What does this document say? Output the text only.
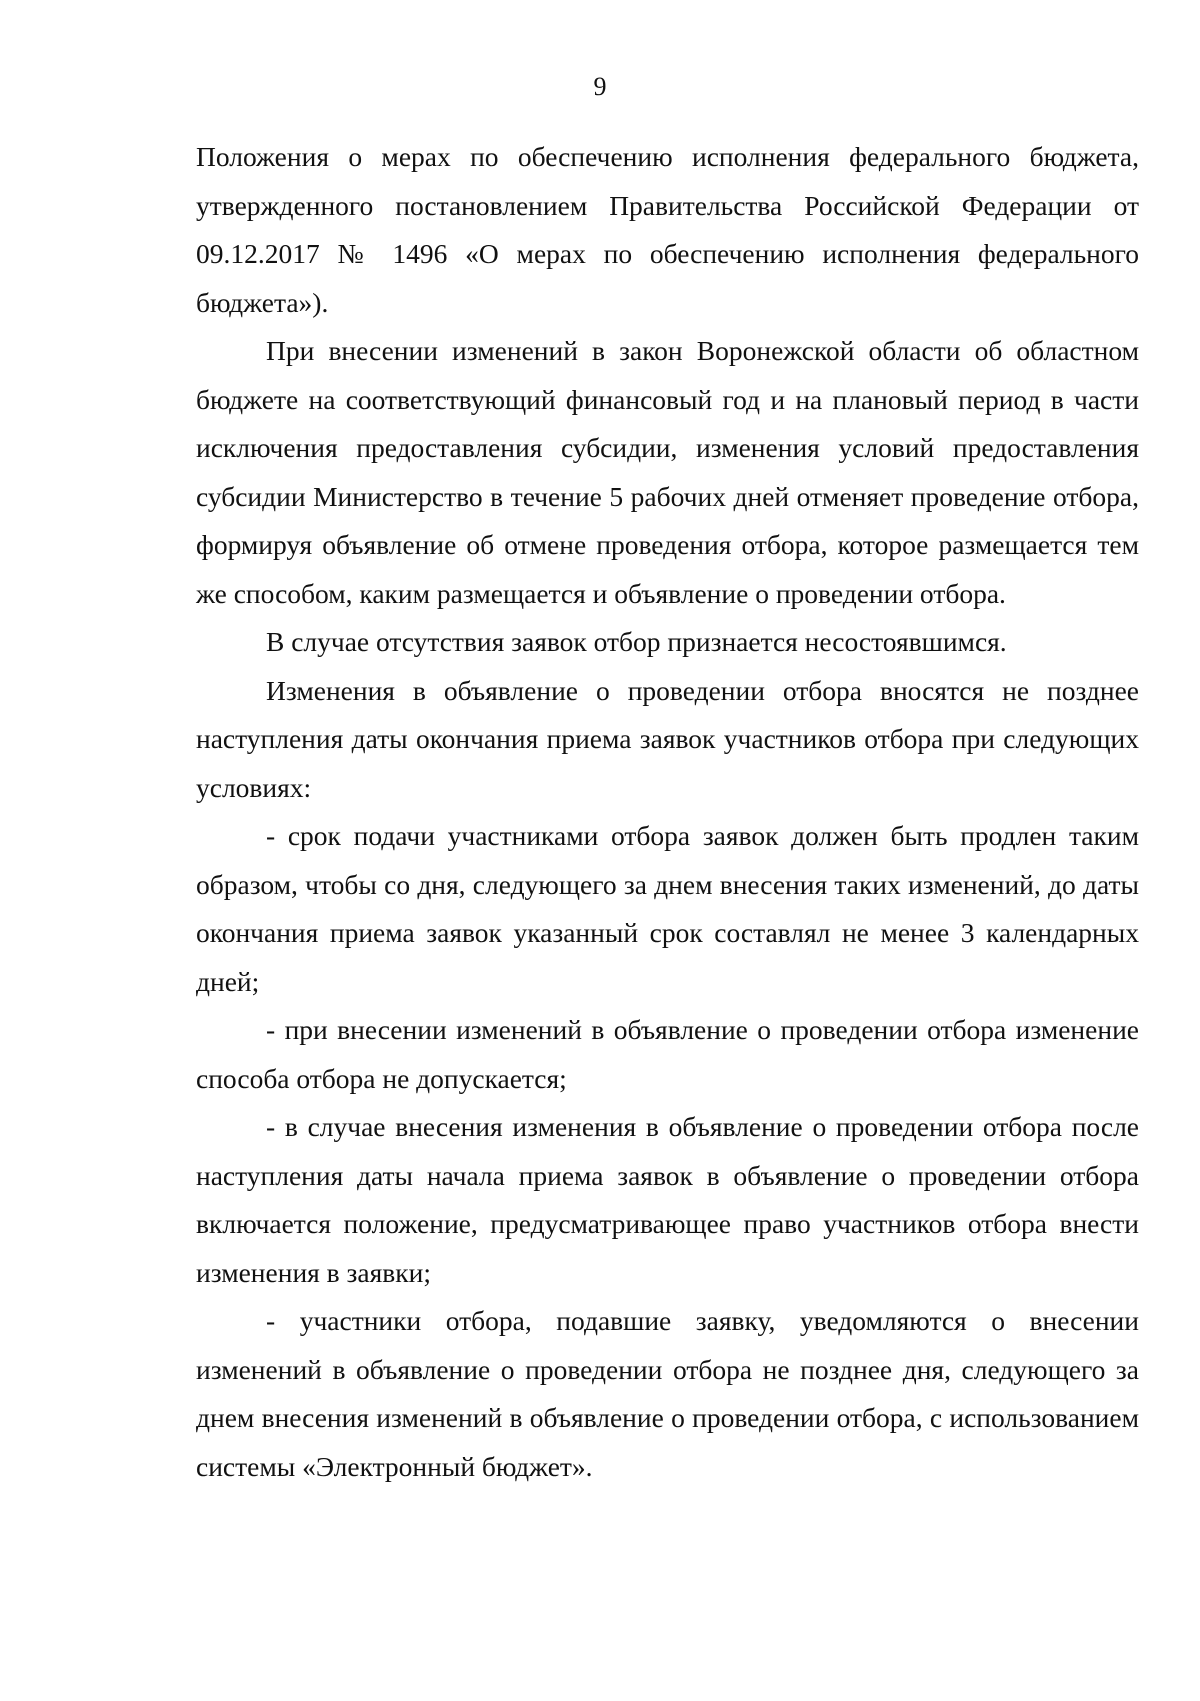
9

Положения о мерах по обеспечению исполнения федерального бюджета, утвержденного постановлением Правительства Российской Федерации от 09.12.2017 № 1496 «О мерах по обеспечению исполнения федерального бюджета»).

При внесении изменений в закон Воронежской области об областном бюджете на соответствующий финансовый год и на плановый период в части исключения предоставления субсидии, изменения условий предоставления субсидии Министерство в течение 5 рабочих дней отменяет проведение отбора, формируя объявление об отмене проведения отбора, которое размещается тем же способом, каким размещается и объявление о проведении отбора.

В случае отсутствия заявок отбор признается несостоявшимся.

Изменения в объявление о проведении отбора вносятся не позднее наступления даты окончания приема заявок участников отбора при следующих условиях:

- срок подачи участниками отбора заявок должен быть продлен таким образом, чтобы со дня, следующего за днем внесения таких изменений, до даты окончания приема заявок указанный срок составлял не менее 3 календарных дней;

- при внесении изменений в объявление о проведении отбора изменение способа отбора не допускается;

- в случае внесения изменения в объявление о проведении отбора после наступления даты начала приема заявок в объявление о проведении отбора включается положение, предусматривающее право участников отбора внести изменения в заявки;

- участники отбора, подавшие заявку, уведомляются о внесении изменений в объявление о проведении отбора не позднее дня, следующего за днем внесения изменений в объявление о проведении отбора, с использованием системы «Электронный бюджет».
